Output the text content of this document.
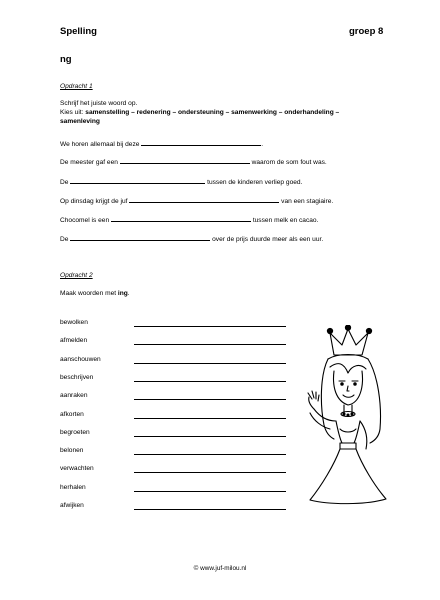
Spelling	groep 8
ng
Opdracht 1
Schrijf het juiste woord op.
Kies uit: samenstelling – redenering – ondersteuning – samenwerking – onderhandeling –
samenleving
We horen allemaal bij deze	.
De meester gaf een	waarom de som fout was.
De	tussen de kinderen verliep goed.
Op dinsdag krijgt de juf	van een stagiaire.
Chocomel is een	tussen melk en cacao.
De	over de prijs duurde meer als een uur.
Opdracht 2
Maak woorden met ing.
bewolken
afmelden
aanschouwen
beschrijven
aanraken
afkorten
begroeten
belonen
verwachten
herhalen
afwijken
© www.juf-milou.nl
